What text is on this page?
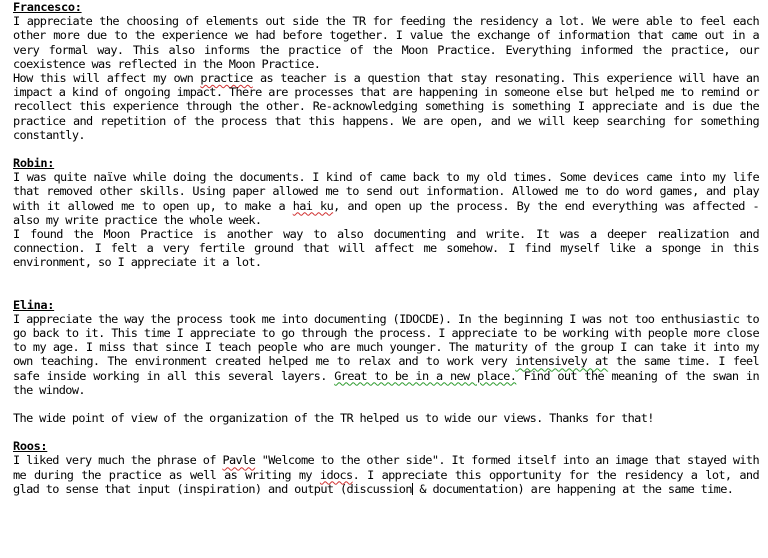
Francesco:
I appreciate the choosing of elements out side the TR for feeding the residency a lot. We were able to feel each other more due to the experience we had before together. I value the exchange of information that came out in a very formal way. This also informs the practice of the Moon Practice. Everything informed the practice, our coexistence was reflected in the Moon Practice.
How this will affect my own practice as teacher is a question that stay resonating. This experience will have an impact a kind of ongoing impact. There are processes that are happening in someone else but helped me to remind or recollect this experience through the other. Re-acknowledging something is something I appreciate and is due the practice and repetition of the process that this happens. We are open, and we will keep searching for something constantly.
Robin:
I was quite naïve while doing the documents. I kind of came back to my old times. Some devices came into my life that removed other skills. Using paper allowed me to send out information. Allowed me to do word games, and play with it allowed me to open up, to make a hai ku, and open up the process. By the end everything was affected - also my write practice the whole week.
I found the Moon Practice is another way to also documenting and write. It was a deeper realization and connection. I felt a very fertile ground that will affect me somehow. I find myself like a sponge in this environment, so I appreciate it a lot.
Elina:
I appreciate the way the process took me into documenting (IDOCDE). In the beginning I was not too enthusiastic to go back to it. This time I appreciate to go through the process. I appreciate to be working with people more close to my age. I miss that since I teach people who are much younger. The maturity of the group I can take it into my own teaching. The environment created helped me to relax and to work very intensively at the same time. I feel safe inside working in all this several layers. Great to be in a new place. Find out the meaning of the swan in the window.
The wide point of view of the organization of the TR helped us to wide our views. Thanks for that!
Roos:
I liked very much the phrase of Pavle "Welcome to the other side". It formed itself into an image that stayed with me during the practice as well as writing my idocs. I appreciate this opportunity for the residency a lot, and glad to sense that input (inspiration) and output (discussion & documentation) are happening at the same time.
